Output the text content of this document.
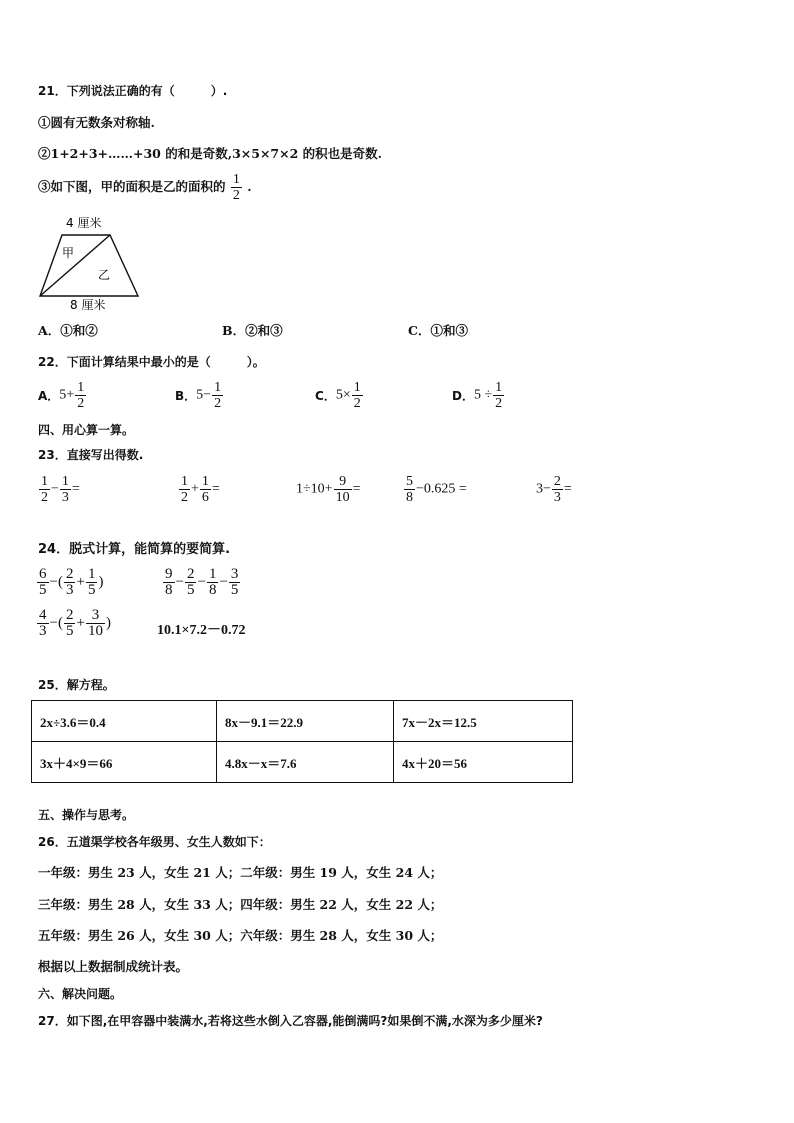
21．下列说法正确的有（　　　）.
①圆有无数条对称轴.
②1+2+3+……+30 的和是奇数,3×5×7×2 的积也是奇数.
③如下图，甲的面积是乙的面积的 $\frac{1}{2}$ .
4 厘米
甲
乙
8 厘米
A．①和②	B．②和③	C．①和③
22．下面计算结果中最小的是（　　　）。
A．$5+ \frac{1}{2}$	B．$5- \frac{1}{2}$	C．$5\times \frac{1}{2}$	D．$5 \div \frac{1}{2}$
四、用心算一算。
23．直接写出得数.
$\frac{1}{2} - \frac{1}{3}$ =	$\frac{1}{2} + \frac{1}{6}$ =	$1\div 10+ \frac{9}{10}$ =	$\frac{5}{8} -0.625$ =	$3- \frac{2}{3}$ =
24．脱式计算，能简算的要简算.
$\frac{6}{5}$ −( $\frac{2}{3} + \frac{1}{5}$ )	$\frac{9}{8} - \frac{2}{5} - \frac{1}{8} - \frac{3}{5}$
$\frac{4}{3}$ −( $\frac{2}{5} + \frac{3}{10}$ )	10.1×7.2－0.72
25．解方程。
2x÷3.6＝0.4	8x－9.1＝22.9	7x－2x＝12.5
3x＋4×9＝66	4.8x－x＝7.6	4x＋20＝56
五、操作与思考。
26．五道渠学校各年级男、女生人数如下：
一年级：男生 23 人，女生 21 人；二年级：男生 19 人，女生 24 人；
三年级：男生 28 人，女生 33 人；四年级：男生 22 人，女生 22 人；
五年级：男生 26 人，女生 30 人；六年级：男生 28 人，女生 30 人；
根据以上数据制成统计表。
六、解决问题。
27．如下图,在甲容器中装满水,若将这些水倒入乙容器,能倒满吗?如果倒不满,水深为多少厘米?
